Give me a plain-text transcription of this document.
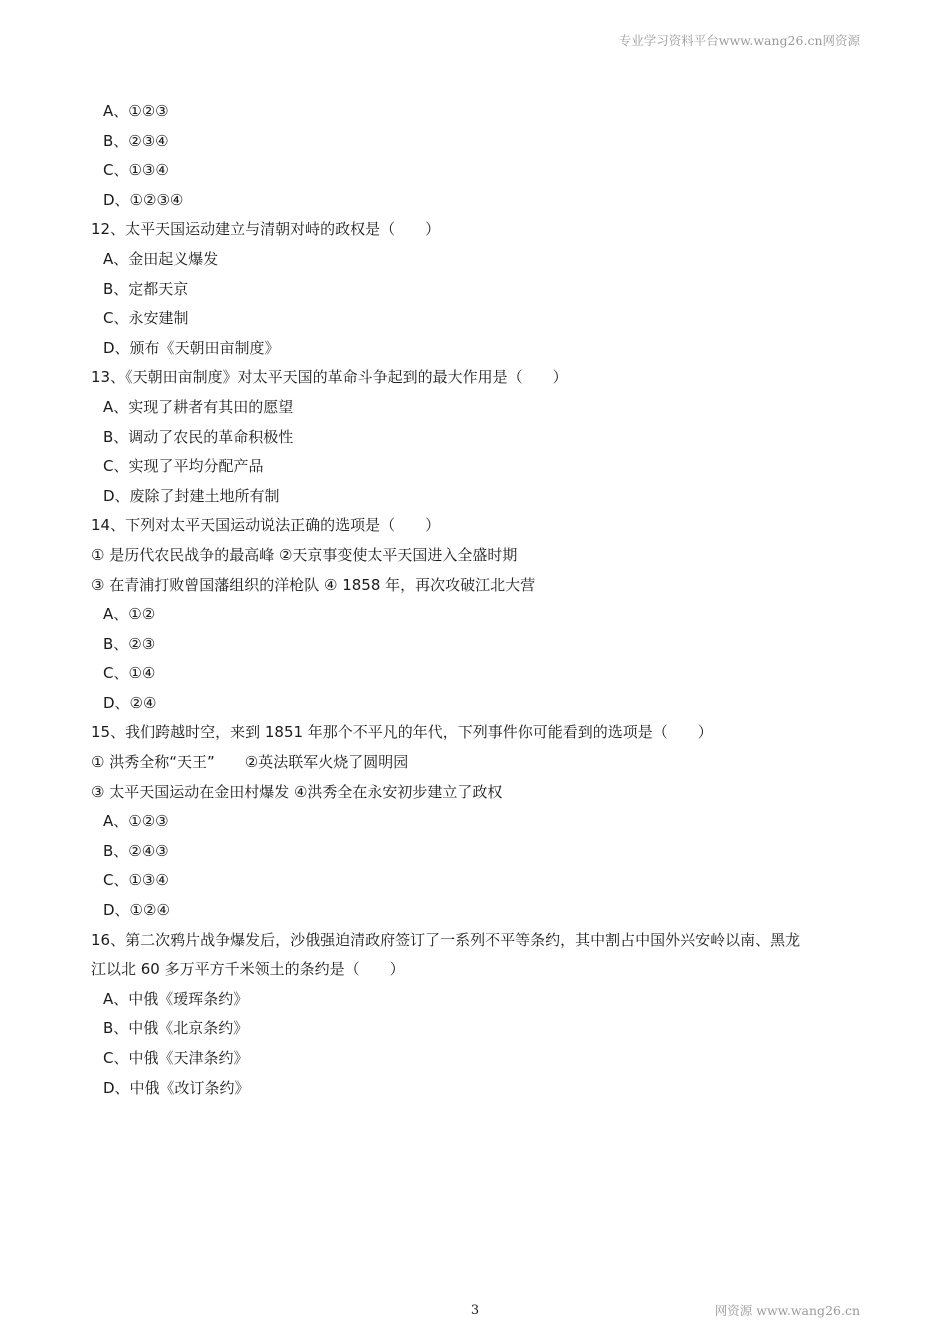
专业学习资料平台www.wang26.cn网资源
A、①②③
B、②③④
C、①③④
D、①②③④
12、太平天国运动建立与清朝对峙的政权是（　　）
A、金田起义爆发
B、定都天京
C、永安建制
D、颁布《天朝田亩制度》
13、《天朝田亩制度》对太平天国的革命斗争起到的最大作用是（　　）
A、实现了耕者有其田的愿望
B、调动了农民的革命积极性
C、实现了平均分配产品
D、废除了封建土地所有制
14、下列对太平天国运动说法正确的选项是（　　）
① 是历代农民战争的最高峰 ②天京事变使太平天国进入全盛时期
③ 在青浦打败曾国藩组织的洋枪队 ④ 1858 年，再次攻破江北大营
A、①②
B、②③
C、①④
D、②④
15、我们跨越时空，来到 1851 年那个不平凡的年代，下列事件你可能看到的选项是（　　）
① 洪秀全称“天王”　　②英法联军火烧了圆明园
③ 太平天国运动在金田村爆发 ④洪秀全在永安初步建立了政权
A、①②③
B、②④③
C、①③④
D、①②④
16、第二次鸦片战争爆发后，沙俄强迫清政府签订了一系列不平等条约，其中割占中国外兴安岭以南、黑龙
江以北 60 多万平方千米领土的条约是（　　）
A、中俄《瑷珲条约》
B、中俄《北京条约》
C、中俄《天津条约》
D、中俄《改订条约》
3	网资源 www.wang26.cn
